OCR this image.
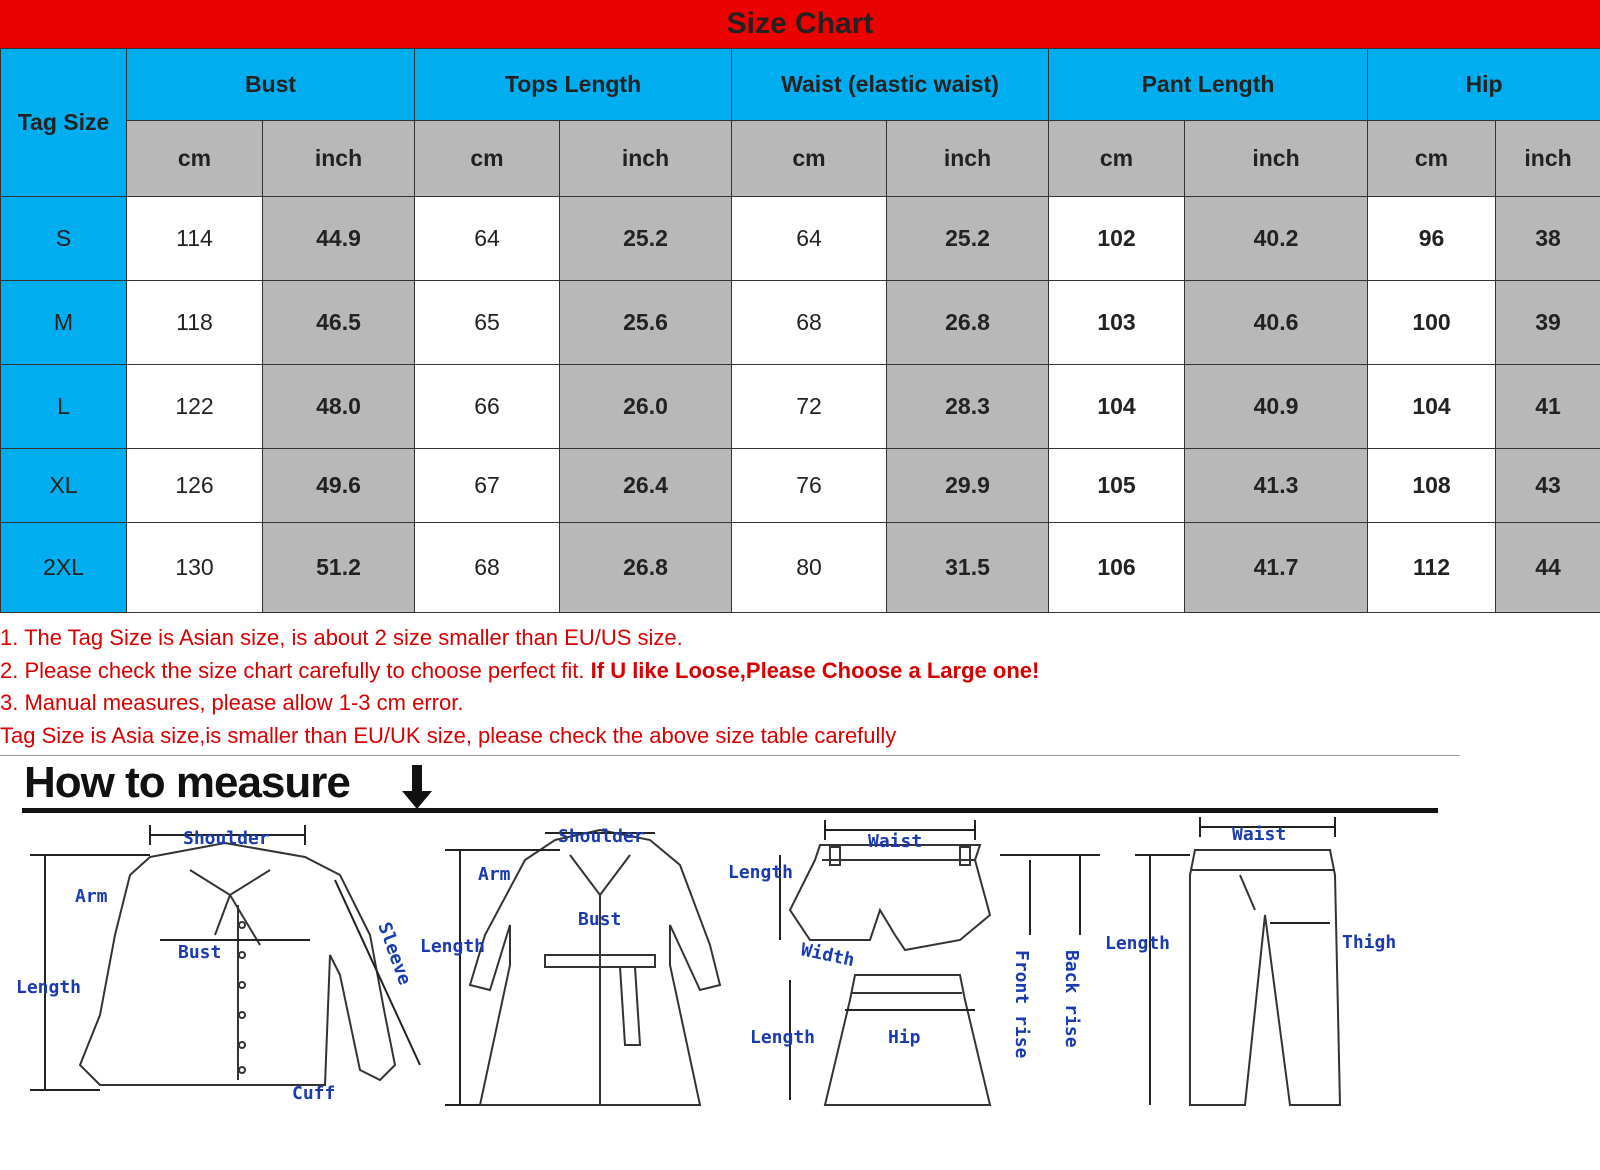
Size Chart
Tag Size	Bust		Tops Length		Waist (elastic waist)		Pant Length		Hip	
	cm	inch	cm	inch	cm	inch	cm	inch	cm	inch
S	114	44.9	64	25.2	64	25.2	102	40.2	96	38
M	118	46.5	65	25.6	68	26.8	103	40.6	100	39
L	122	48.0	66	26.0	72	28.3	104	40.9	104	41
XL	126	49.6	67	26.4	76	29.9	105	41.3	108	43
2XL	130	51.2	68	26.8	80	31.5	106	41.7	112	44
1. The Tag Size is Asian size, is about 2 size smaller than EU/US size.
2. Please check the size chart carefully to choose perfect fit. If U like Loose,Please Choose a Large one!
3. Manual measures, please allow 1-3 cm error.
Tag Size is Asia size,is smaller than EU/UK size, please check the above size table carefully
How to measure
Shoulder
Arm
Bust
Length	Sleeve
Cuff
Shoulder
Arm
Bust
Length
Waist
Length
Width	Front rise Back rise
Length	Hip
Waist
Length	Thigh
